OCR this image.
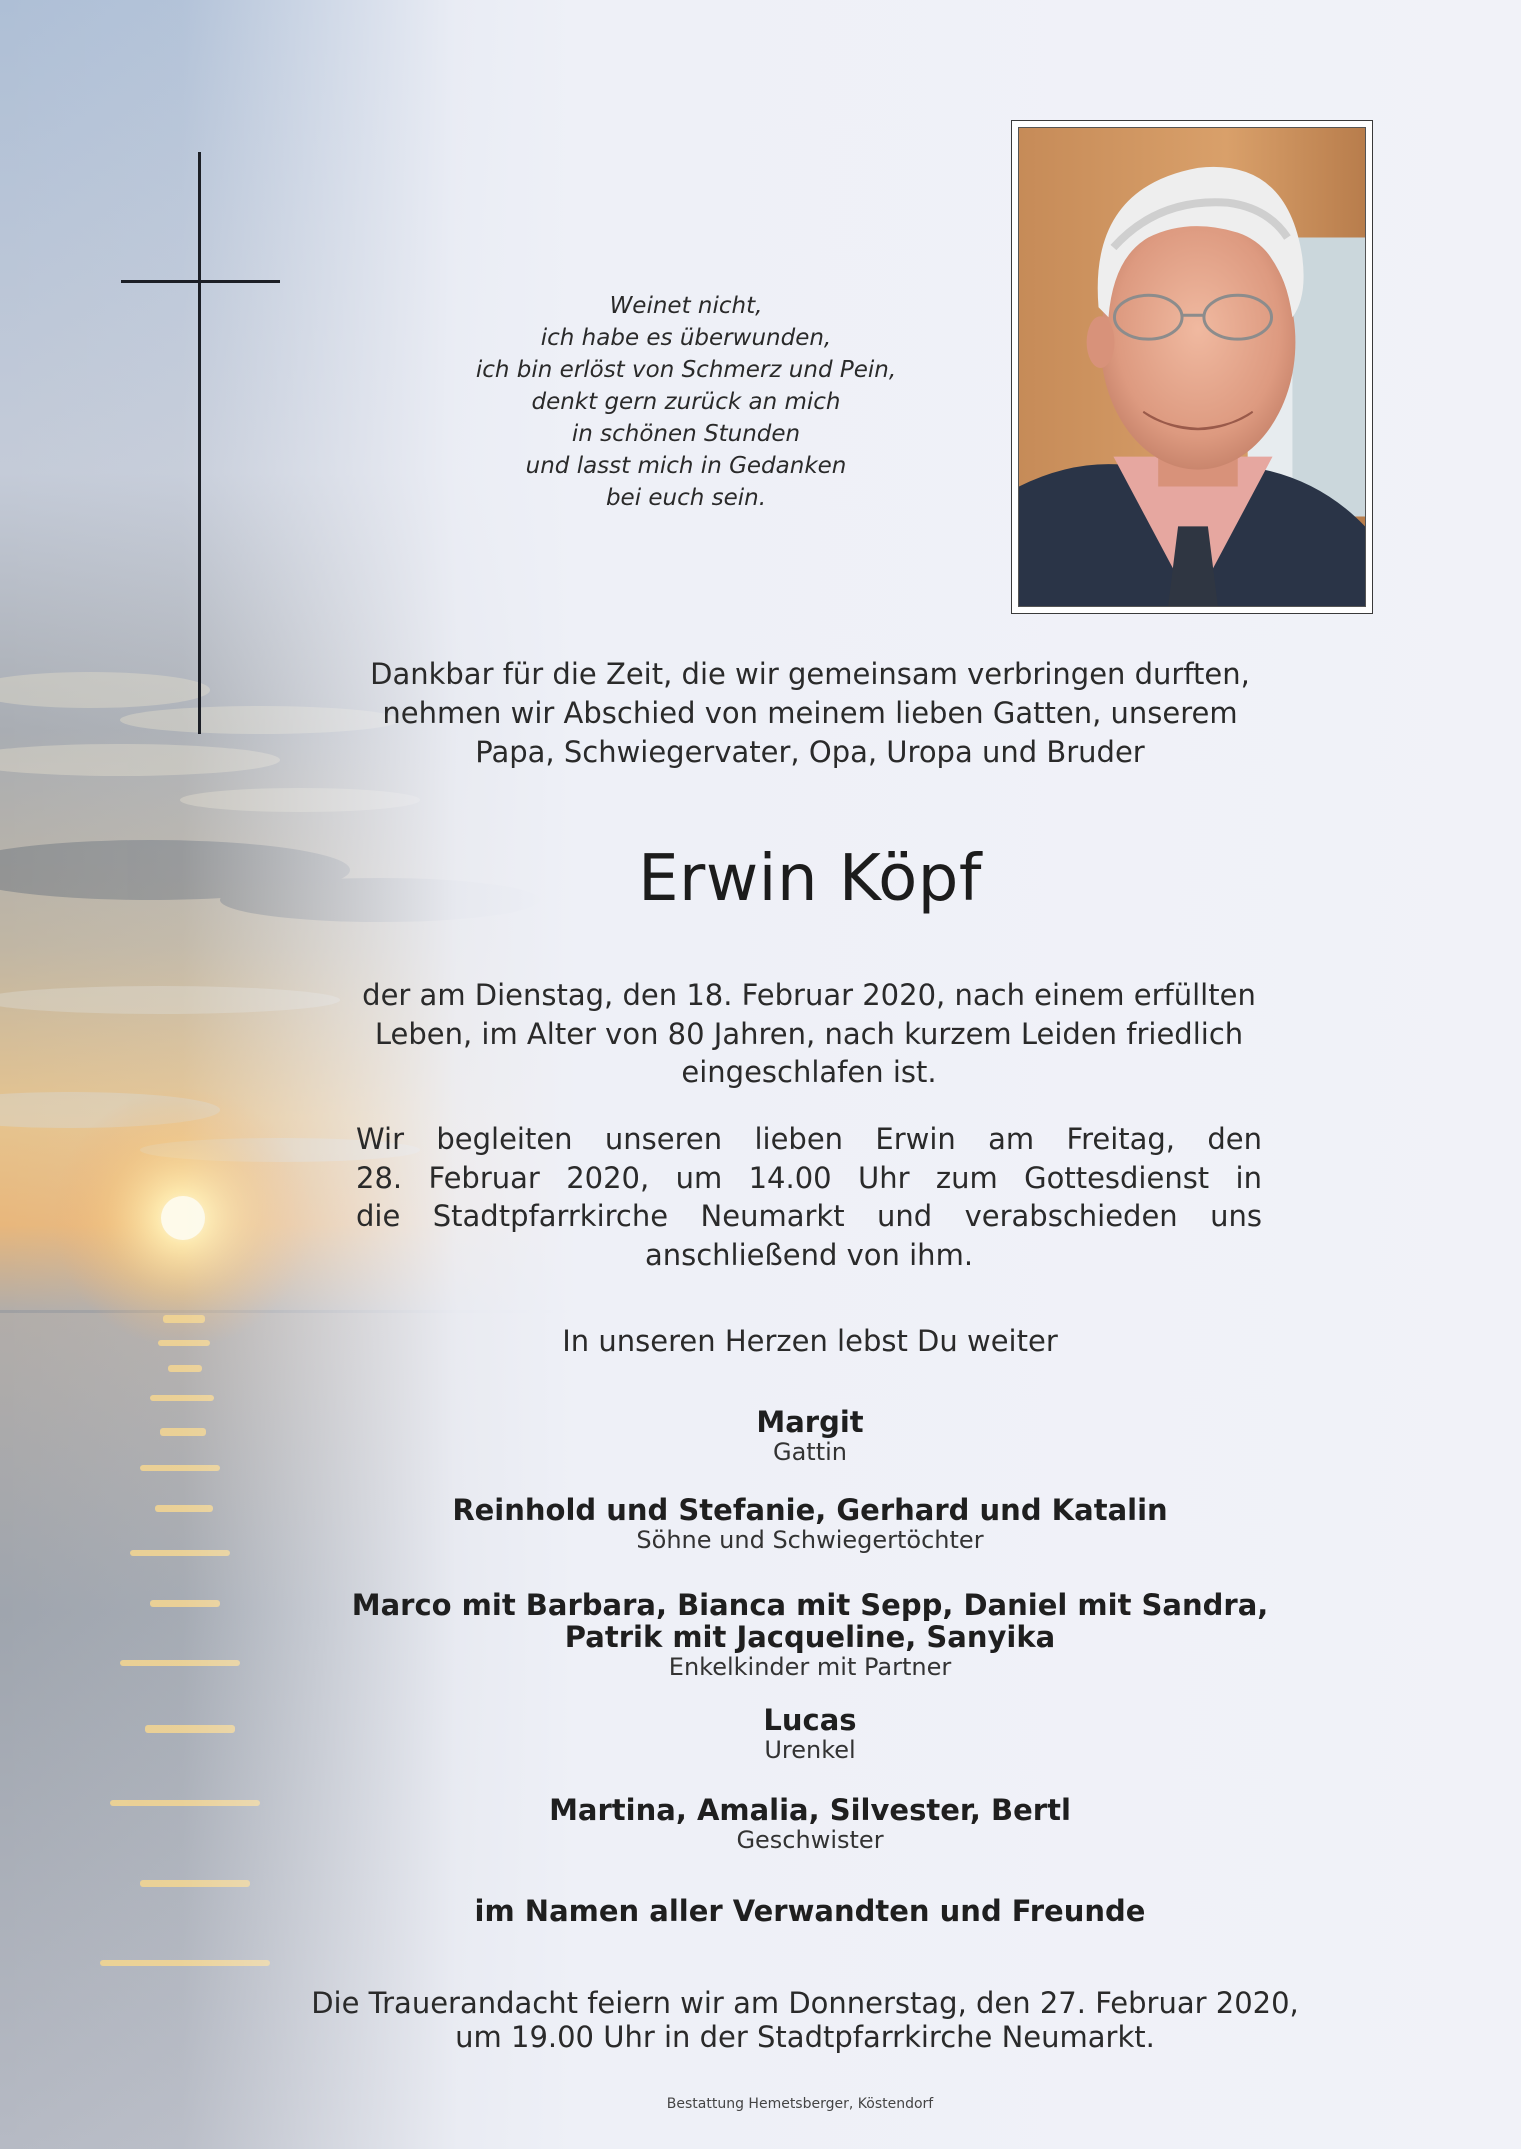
Weinet nicht,
ich habe es überwunden,
ich bin erlöst von Schmerz und Pein,
denkt gern zurück an mich
in schönen Stunden
und lasst mich in Gedanken
bei euch sein.
Dankbar für die Zeit, die wir gemeinsam verbringen durften,
nehmen wir Abschied von meinem lieben Gatten, unserem
Papa, Schwiegervater, Opa, Uropa und Bruder
Erwin Köpf
der am Dienstag, den 18. Februar 2020, nach einem erfüllten
Leben, im Alter von 80 Jahren, nach kurzem Leiden friedlich
eingeschlafen ist.
Wir begleiten unseren lieben Erwin am Freitag, den
28. Februar 2020, um 14.00 Uhr zum Gottesdienst in
die Stadtpfarrkirche Neumarkt und verabschieden uns
anschließend von ihm.
In unseren Herzen lebst Du weiter
Margit
Gattin
Reinhold und Stefanie, Gerhard und Katalin
Söhne und Schwiegertöchter
Marco mit Barbara, Bianca mit Sepp, Daniel mit Sandra,
Patrik mit Jacqueline, Sanyika
Enkelkinder mit Partner
Lucas
Urenkel
Martina, Amalia, Silvester, Bertl
Geschwister
im Namen aller Verwandten und Freunde
Die Trauerandacht feiern wir am Donnerstag, den 27. Februar 2020,
um 19.00 Uhr in der Stadtpfarrkirche Neumarkt.
Bestattung Hemetsberger, Köstendorf
